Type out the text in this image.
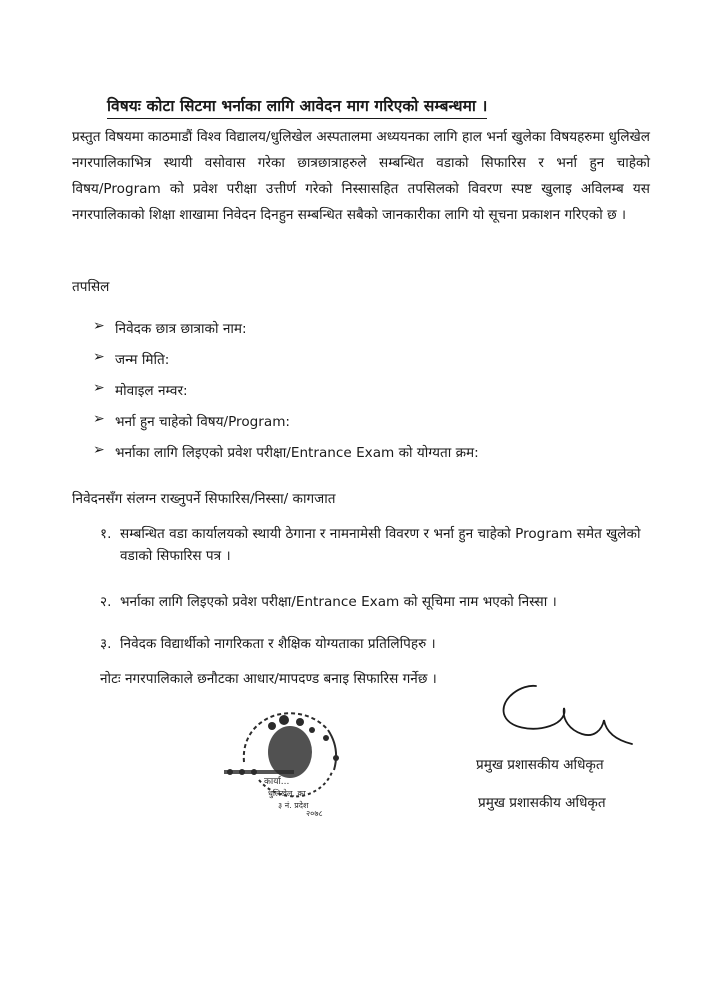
विषयः कोटा सिटमा भर्नाका लागि आवेदन माग गरिएको सम्बन्धमा ।

प्रस्तुत विषयमा काठमाडौं विश्व विद्यालय/धुलिखेल अस्पतालमा अध्ययनका लागि हाल भर्ना खुलेका विषयहरुमा धुलिखेल नगरपालिकाभित्र स्थायी वसोवास गरेका छात्रछात्राहरुले सम्बन्धित वडाको सिफारिस र भर्ना हुन चाहेको विषय/Program को प्रवेश परीक्षा उत्तीर्ण गरेको निस्सासहित तपसिलको विवरण स्पष्ट खुलाइ अविलम्ब यस नगरपालिकाको शिक्षा शाखामा निवेदन दिनहुन सम्बन्धित सबैको जानकारीका लागि यो सूचना प्रकाशन गरिएको छ ।

तपसिल
➢ निवेदक छात्र छात्राको नाम:
➢ जन्म मिति:
➢ मोवाइल नम्वर:
➢ भर्ना हुन चाहेको विषय/Program:
➢ भर्नाका लागि लिइएको प्रवेश परीक्षा/Entrance Exam को योग्यता क्रम:
निवेदनसँग संलग्न राख्नुपर्ने सिफारिस/निस्सा/ कागजात
१. सम्बन्धित वडा कार्यालयको स्थायी ठेगाना र नामनामेसी विवरण र भर्ना हुन चाहेको Program समेत खुलेको वडाको सिफारिस पत्र ।
२. भर्नाका लागि लिइएको प्रवेश परीक्षा/Entrance Exam को सूचिमा नाम भएको निस्सा ।
३. निवेदक विद्यार्थीको नागरिकता र शैक्षिक योग्यताका प्रतिलिपिहरु ।
नोटः नगरपालिकाले छनौटका आधार/मापदण्ड बनाइ सिफारिस गर्नेछ ।
कार्या...
धुलिखेल, का
३ नं. प्रदेश
२०७८
प्रमुख प्रशासकीय अधिकृत
प्रमुख प्रशासकीय अधिकृत
